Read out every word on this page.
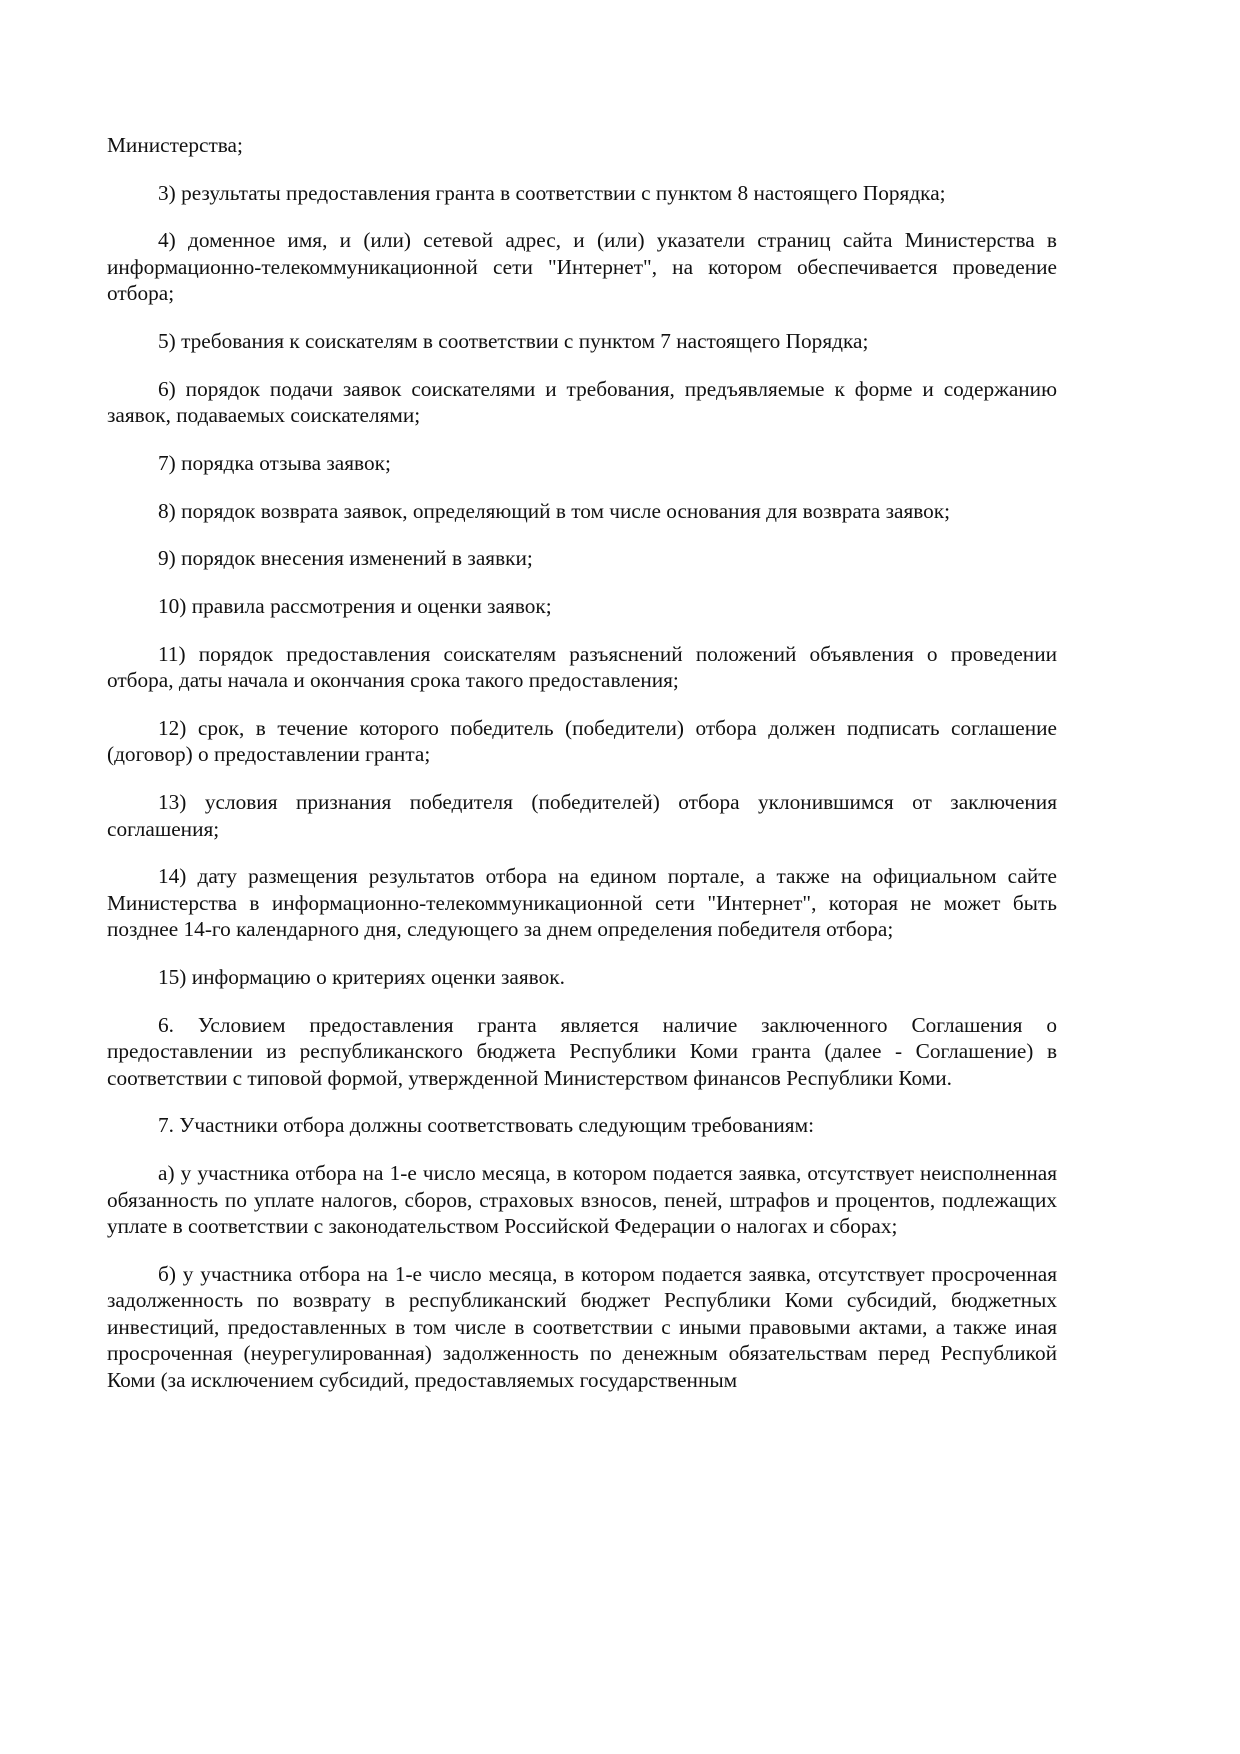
Министерства;

3) результаты предоставления гранта в соответствии с пунктом 8 настоящего Порядка;

4) доменное имя, и (или) сетевой адрес, и (или) указатели страниц сайта Министерства в информационно-телекоммуникационной сети "Интернет", на котором обеспечивается проведение отбора;

5) требования к соискателям в соответствии с пунктом 7 настоящего Порядка;

6) порядок подачи заявок соискателями и требования, предъявляемые к форме и содержанию заявок, подаваемых соискателями;

7) порядка отзыва заявок;

8) порядок возврата заявок, определяющий в том числе основания для возврата заявок;

9) порядок внесения изменений в заявки;

10) правила рассмотрения и оценки заявок;

11) порядок предоставления соискателям разъяснений положений объявления о проведении отбора, даты начала и окончания срока такого предоставления;

12) срок, в течение которого победитель (победители) отбора должен подписать соглашение (договор) о предоставлении гранта;

13) условия признания победителя (победителей) отбора уклонившимся от заключения соглашения;

14) дату размещения результатов отбора на едином портале, а также на официальном сайте Министерства в информационно-телекоммуникационной сети "Интернет", которая не может быть позднее 14-го календарного дня, следующего за днем определения победителя отбора;

15) информацию о критериях оценки заявок.

6. Условием предоставления гранта является наличие заключенного Соглашения о предоставлении из республиканского бюджета Республики Коми гранта (далее - Соглашение) в соответствии с типовой формой, утвержденной Министерством финансов Республики Коми.

7. Участники отбора должны соответствовать следующим требованиям:

а) у участника отбора на 1-е число месяца, в котором подается заявка, отсутствует неисполненная обязанность по уплате налогов, сборов, страховых взносов, пеней, штрафов и процентов, подлежащих уплате в соответствии с законодательством Российской Федерации о налогах и сборах;

б) у участника отбора на 1-е число месяца, в котором подается заявка, отсутствует просроченная задолженность по возврату в республиканский бюджет Республики Коми субсидий, бюджетных инвестиций, предоставленных в том числе в соответствии с иными правовыми актами, а также иная просроченная (неурегулированная) задолженность по денежным обязательствам перед Республикой Коми (за исключением субсидий, предоставляемых государственным
